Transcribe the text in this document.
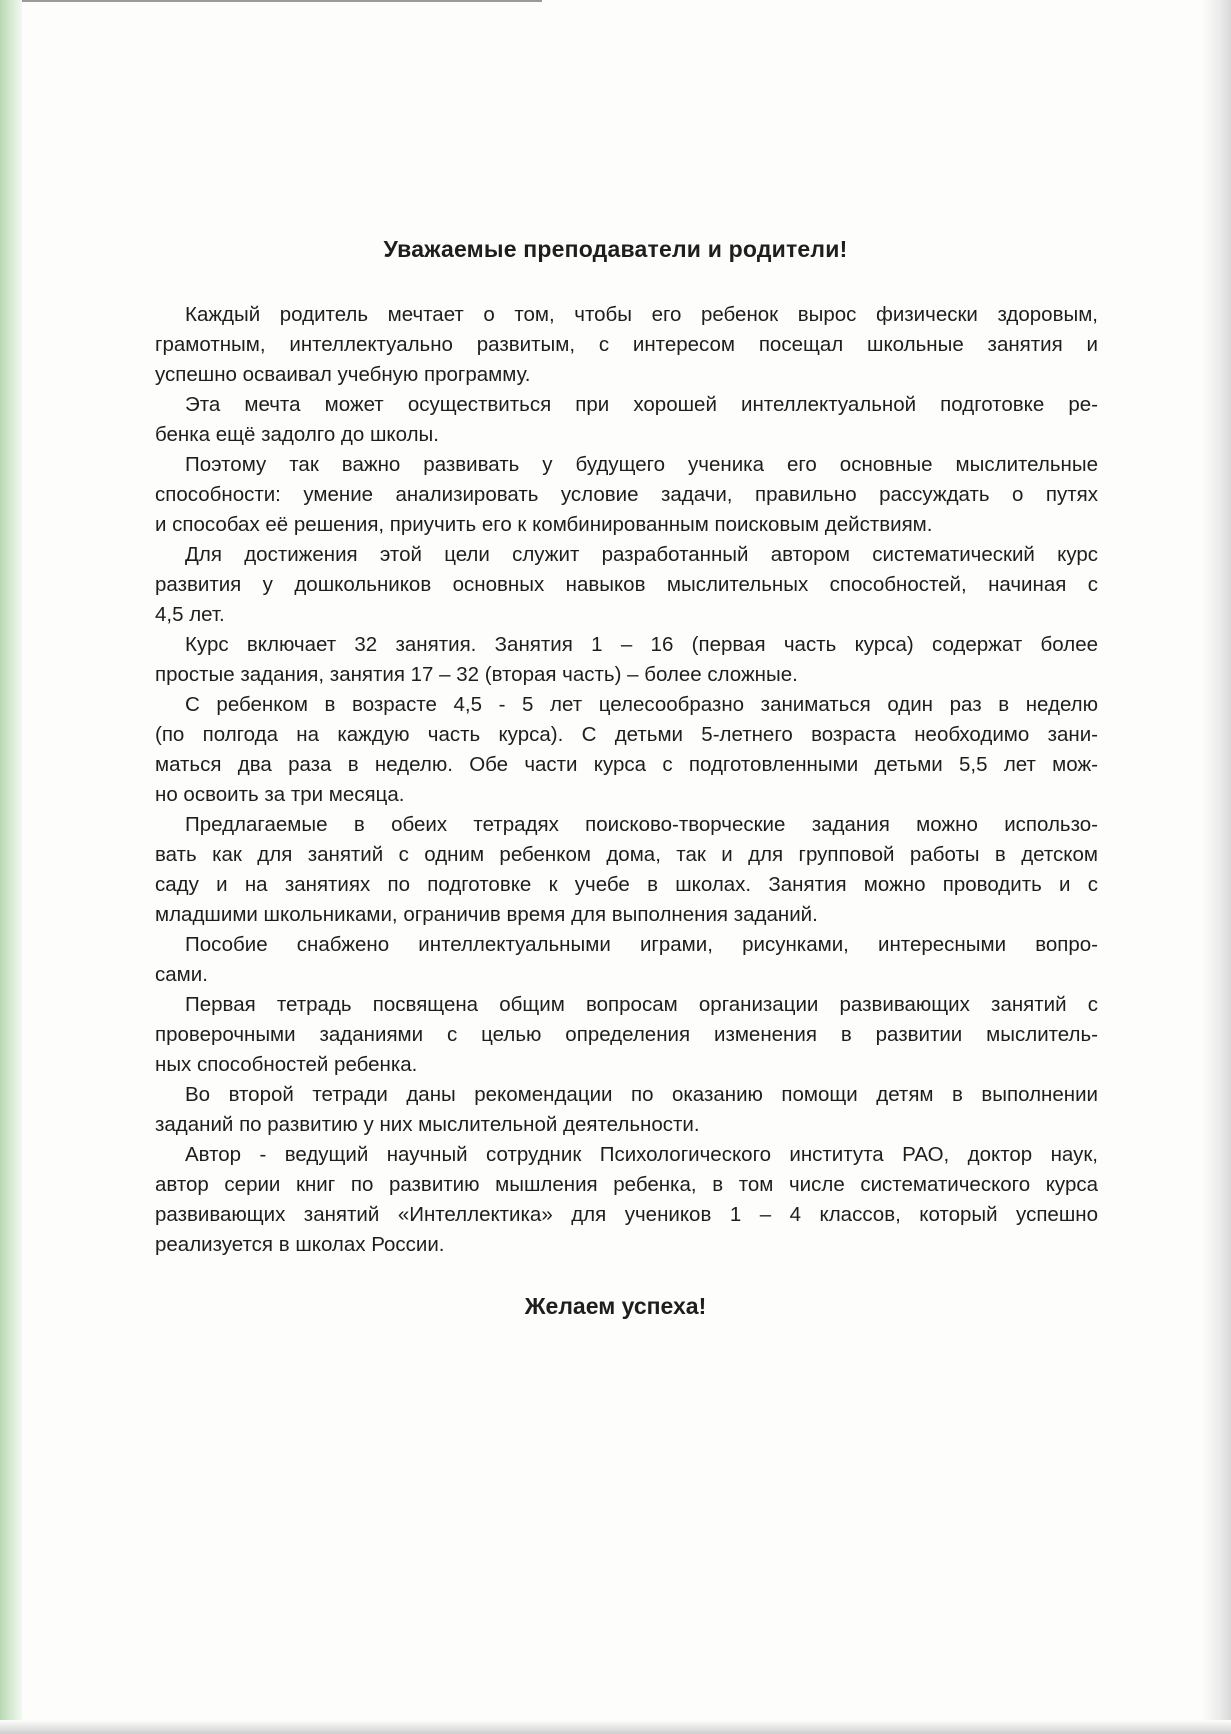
Уважаемые преподаватели и родители!
Каждый родитель мечтает о том, чтобы его ребенок вырос физически здоровым,
грамотным, интеллектуально развитым, с интересом посещал школьные занятия и
успешно осваивал учебную программу.
Эта мечта может осуществиться при хорошей интеллектуальной подготовке ре-
бенка ещё задолго до школы.
Поэтому так важно развивать у будущего ученика его основные мыслительные
способности: умение анализировать условие задачи, правильно рассуждать о путях
и способах её решения, приучить его к комбинированным поисковым действиям.
Для достижения этой цели служит разработанный автором систематический курс
развития у дошкольников основных навыков мыслительных способностей, начиная с
4,5 лет.
Курс включает 32 занятия. Занятия 1 – 16 (первая часть курса) содержат более
простые задания, занятия 17 – 32 (вторая часть) – более сложные.
С ребенком в возрасте 4,5 - 5 лет целесообразно заниматься один раз в неделю
(по полгода на каждую часть курса). С детьми 5-летнего возраста необходимо зани-
маться два раза в неделю. Обе части курса с подготовленными детьми 5,5 лет мож-
но освоить за три месяца.
Предлагаемые в обеих тетрадях поисково-творческие задания можно использо-
вать как для занятий с одним ребенком дома, так и для групповой работы в детском
саду и на занятиях по подготовке к учебе в школах. Занятия можно проводить и с
младшими школьниками, ограничив время для выполнения заданий.
Пособие снабжено интеллектуальными играми, рисунками, интересными вопро-
сами.
Первая тетрадь посвящена общим вопросам организации развивающих занятий с
проверочными заданиями с целью определения изменения в развитии мыслитель-
ных способностей ребенка.
Во второй тетради даны рекомендации по оказанию помощи детям в выполнении
заданий по развитию у них мыслительной деятельности.
Автор - ведущий научный сотрудник Психологического института РАО, доктор наук,
автор серии книг по развитию мышления ребенка, в том числе систематического курса
развивающих занятий «Интеллектика» для учеников 1 – 4 классов, который успешно
реализуется в школах России.
Желаем успеха!
